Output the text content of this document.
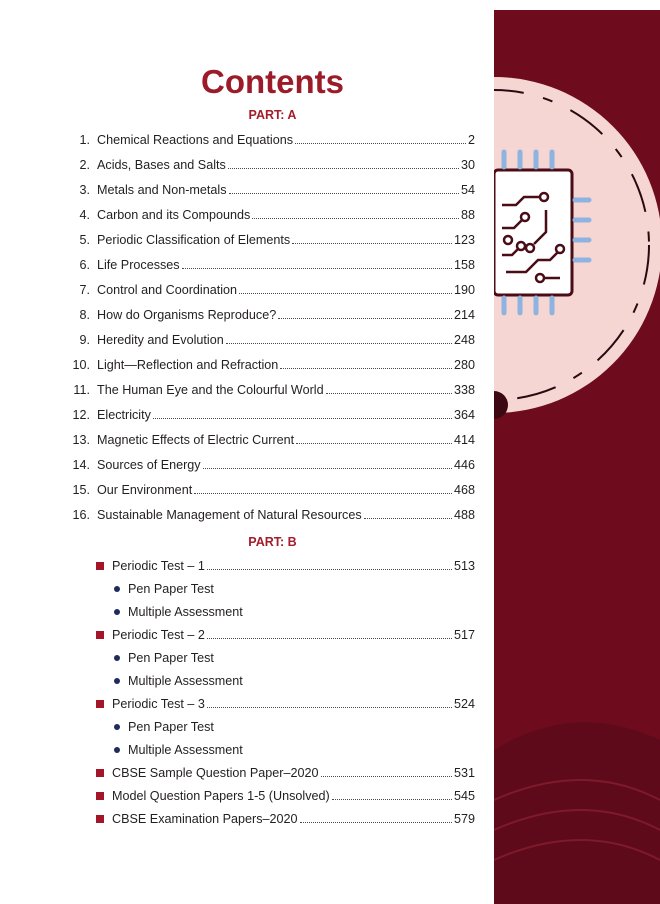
Contents
PART: A
1. Chemical Reactions and Equations	2
2. Acids, Bases and Salts	30
3. Metals and Non-metals	54
4. Carbon and its Compounds	88
5. Periodic Classification of Elements	123
6. Life Processes	158
7. Control and Coordination	190
8. How do Organisms Reproduce?	214
9. Heredity and Evolution	248
10. Light—Reflection and Refraction	280
11. The Human Eye and the Colourful World	338
12. Electricity	364
13. Magnetic Effects of Electric Current	414
14. Sources of Energy	446
15. Our Environment	468
16. Sustainable Management of Natural Resources	488
PART: B
Periodic Test – 1	513
Pen Paper Test
Multiple Assessment
Periodic Test – 2	517
Pen Paper Test
Multiple Assessment
Periodic Test – 3	524
Pen Paper Test
Multiple Assessment
CBSE Sample Question Paper–2020	531
Model Question Papers 1-5 (Unsolved)	545
CBSE Examination Papers–2020	579
